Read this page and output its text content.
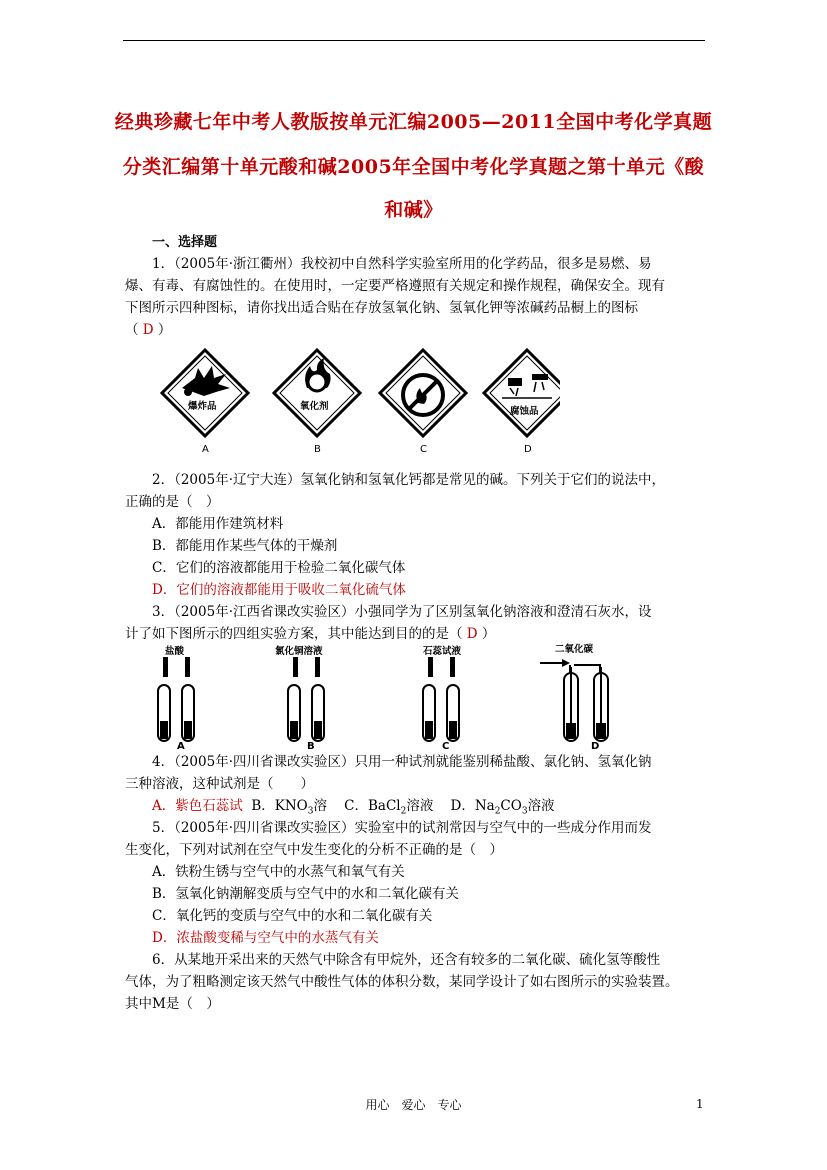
经典珍藏七年中考人教版按单元汇编2005—2011全国中考化学真题
分类汇编第十单元酸和碱2005年全国中考化学真题之第十单元《酸
和碱》
一、选择题
1．（2005年·浙江衢州）我校初中自然科学实验室所用的化学药品，很多是易燃、易
爆、有毒、有腐蚀性的。在使用时，一定要严格遵照有关规定和操作规程，确保安全。现有
下图所示四种图标，请你找出适合贴在存放氢氧化钠、氢氧化钾等浓碱药品橱上的图标
（ D ）
爆炸品	氧化剂	腐蚀品
A	B	C	D
2．（2005年·辽宁大连）氢氧化钠和氢氧化钙都是常见的碱。下列关于它们的说法中，
正确的是（　）
A．都能用作建筑材料
B．都能用作某些气体的干燥剂
C．它们的溶液都能用于检验二氧化碳气体
D．它们的溶液都能用于吸收二氧化硫气体
3．（2005年·江西省课改实验区）小强同学为了区别氢氧化钠溶液和澄清石灰水，设
计了如下图所示的四组实验方案，其中能达到目的的是（ D ）
盐酸	氯化铜溶液	石蕊试液	二氧化碳
A	B	C	D
4．（2005年·四川省课改实验区）只用一种试剂就能鉴别稀盐酸、氯化钠、氢氧化钠
三种溶液，这种试剂是（　　）
A．紫色石蕊试 B．$KNO_3$溶 C．BaCl$_2$溶液 D．$Na_2CO_3$溶液
5．（2005年·四川省课改实验区）实验室中的试剂常因与空气中的一些成分作用而发
生变化，下列对试剂在空气中发生变化的分析不正确的是（　）
A．铁粉生锈与空气中的水蒸气和氧气有关
B．氢氧化钠潮解变质与空气中的水和二氧化碳有关
C．氧化钙的变质与空气中的水和二氧化碳有关
D．浓盐酸变稀与空气中的水蒸气有关
6．从某地开采出来的天然气中除含有甲烷外，还含有较多的二氧化碳、硫化氢等酸性
气体，为了粗略测定该天然气中酸性气体的体积分数，某同学设计了如右图所示的实验装置。
其中M是（　）
用心　爱心　专心	1
